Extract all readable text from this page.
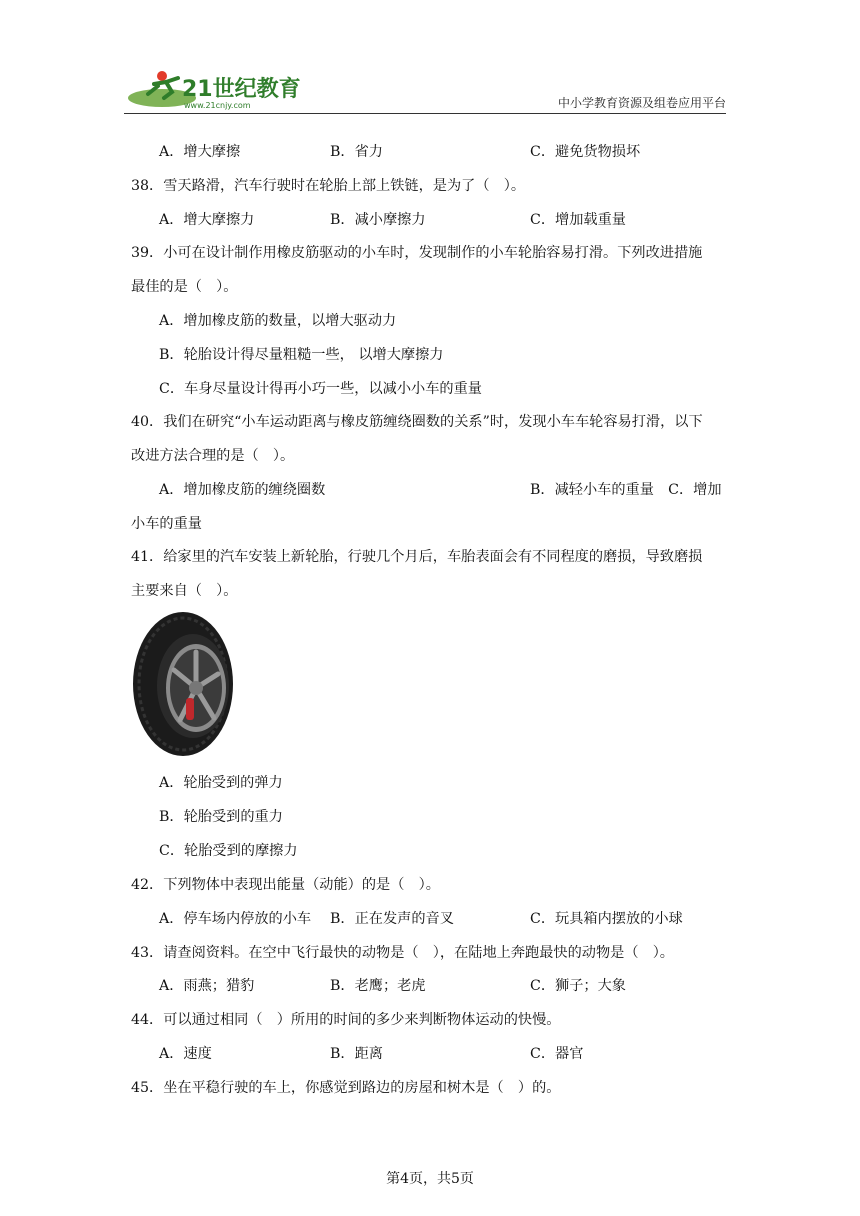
21世纪教育
www.21cnjy.com	中小学教育资源及组卷应用平台
A．增大摩擦	B．省力	C．避免货物损坏
38．雪天路滑，汽车行驶时在轮胎上部上铁链，是为了（　）。
A．增大摩擦力	B．减小摩擦力	C．增加载重量
39．小可在设计制作用橡皮筋驱动的小车时，发现制作的小车轮胎容易打滑。下列改进措施
最佳的是（　）。
A．增加橡皮筋的数量，以增大驱动力
B．轮胎设计得尽量粗糙一些， 以增大摩擦力
C．车身尽量设计得再小巧一些，以减小小车的重量
40．我们在研究“小车运动距离与橡皮筋缠绕圈数的关系”时，发现小车车轮容易打滑，以下
改进方法合理的是（　）。
A．增加橡皮筋的缠绕圈数	B．减轻小车的重量　C．增加
小车的重量
41．给家里的汽车安装上新轮胎，行驶几个月后，车胎表面会有不同程度的磨损，导致磨损
主要来自（　）。
A．轮胎受到的弹力
B．轮胎受到的重力
C．轮胎受到的摩擦力
42．下列物体中表现出能量（动能）的是（　）。
A．停车场内停放的小车 B．正在发声的音叉	C．玩具箱内摆放的小球
43．请查阅资料。在空中飞行最快的动物是（　），在陆地上奔跑最快的动物是（　）。
A．雨燕；猎豹	B．老鹰；老虎	C．狮子；大象
44．可以通过相同（　）所用的时间的多少来判断物体运动的快慢。
A．速度	B．距离	C．器官
45．坐在平稳行驶的车上，你感觉到路边的房屋和树木是（　）的。
第4页，共5页
